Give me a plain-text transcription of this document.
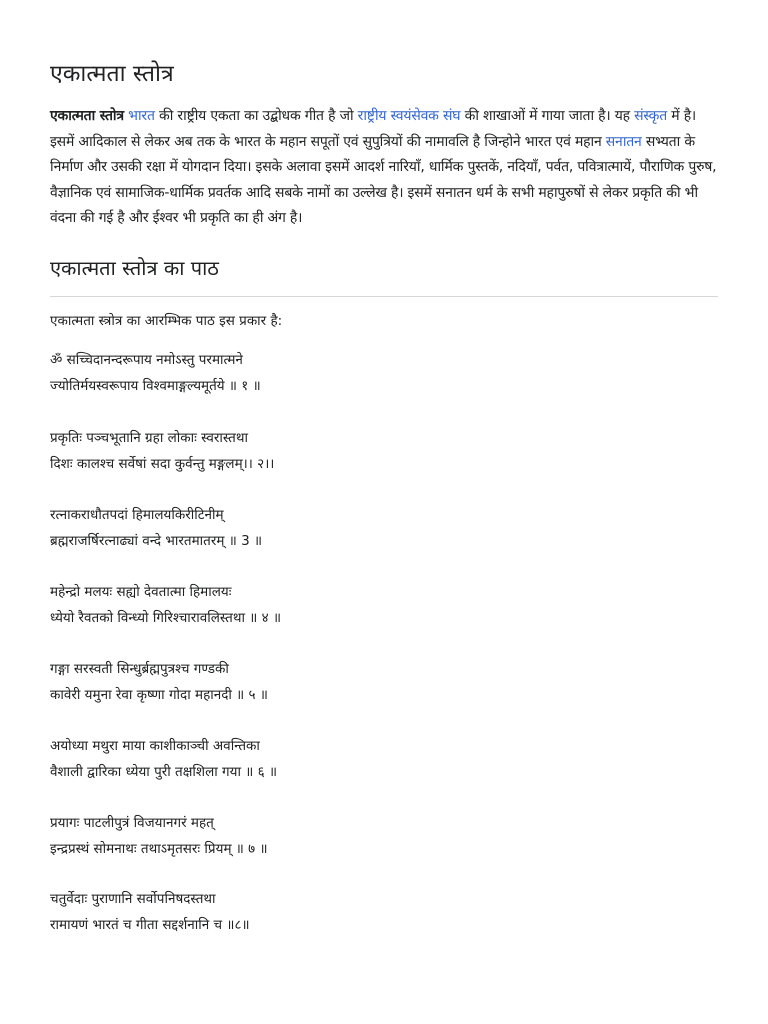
एकात्मता स्तोत्र

एकात्मता स्तोत्र भारत की राष्ट्रीय एकता का उद्बोधक गीत है जो राष्ट्रीय स्वयंसेवक संघ की शाखाओं में गाया जाता है। यह संस्कृत में है। इसमें आदिकाल से लेकर अब तक के भारत के महान सपूतों एवं सुपुत्रियों की नामावलि है जिन्होने भारत एवं महान सनातन सभ्यता के निर्माण और उसकी रक्षा में योगदान दिया। इसके अलावा इसमें आदर्श नारियाँ, धार्मिक पुस्तकें, नदियाँ, पर्वत, पवित्रात्मायें, पौराणिक पुरुष, वैज्ञानिक एवं सामाजिक-धार्मिक प्रवर्तक आदि सबके नामों का उल्लेख है। इसमें सनातन धर्म के सभी महापुरुषों से लेकर प्रकृति की भी वंदना की गई है और ईश्वर भी प्रकृति का ही अंग है।

एकात्मता स्तोत्र का पाठ

एकात्मता स्त्रोत्र का आरम्भिक पाठ इस प्रकार है:

ॐ सच्चिदानन्दरूपाय नमोऽस्तु परमात्मने
ज्योतिर्मयस्वरूपाय विश्वमाङ्गल्यमूर्तये ॥ १ ॥

प्रकृतिः पञ्चभूतानि ग्रहा लोकाः स्वरास्तथा
दिशः कालश्च सर्वेषां सदा कुर्वन्तु मङ्गलम्।। २।।

रत्नाकराधौतपदां हिमालयकिरीटिनीम्
ब्रह्मराजर्षिरत्नाढ्यां वन्दे भारतमातरम् ॥ 3 ॥

महेन्द्रो मलयः सह्यो देवतात्मा हिमालयः
ध्येयो रैवतको विन्ध्यो गिरिश्चारावलिस्तथा ॥ ४ ॥

गङ्गा सरस्वती सिन्धुर्ब्रह्मपुत्रश्च गण्डकी
कावेरी यमुना रेवा कृष्णा गोदा महानदी ॥ ५ ॥

अयोध्या मथुरा माया काशीकाञ्ची अवन्तिका
वैशाली द्वारिका ध्येया पुरी तक्षशिला गया ॥ ६ ॥

प्रयागः पाटलीपुत्रं विजयानगरं महत्
इन्द्रप्रस्थं सोमनाथः तथाऽमृतसरः प्रियम् ॥ ७ ॥

चतुर्वेदाः पुराणानि सर्वोपनिषदस्तथा
रामायणं भारतं च गीता सद्दर्शनानि च ॥८॥
